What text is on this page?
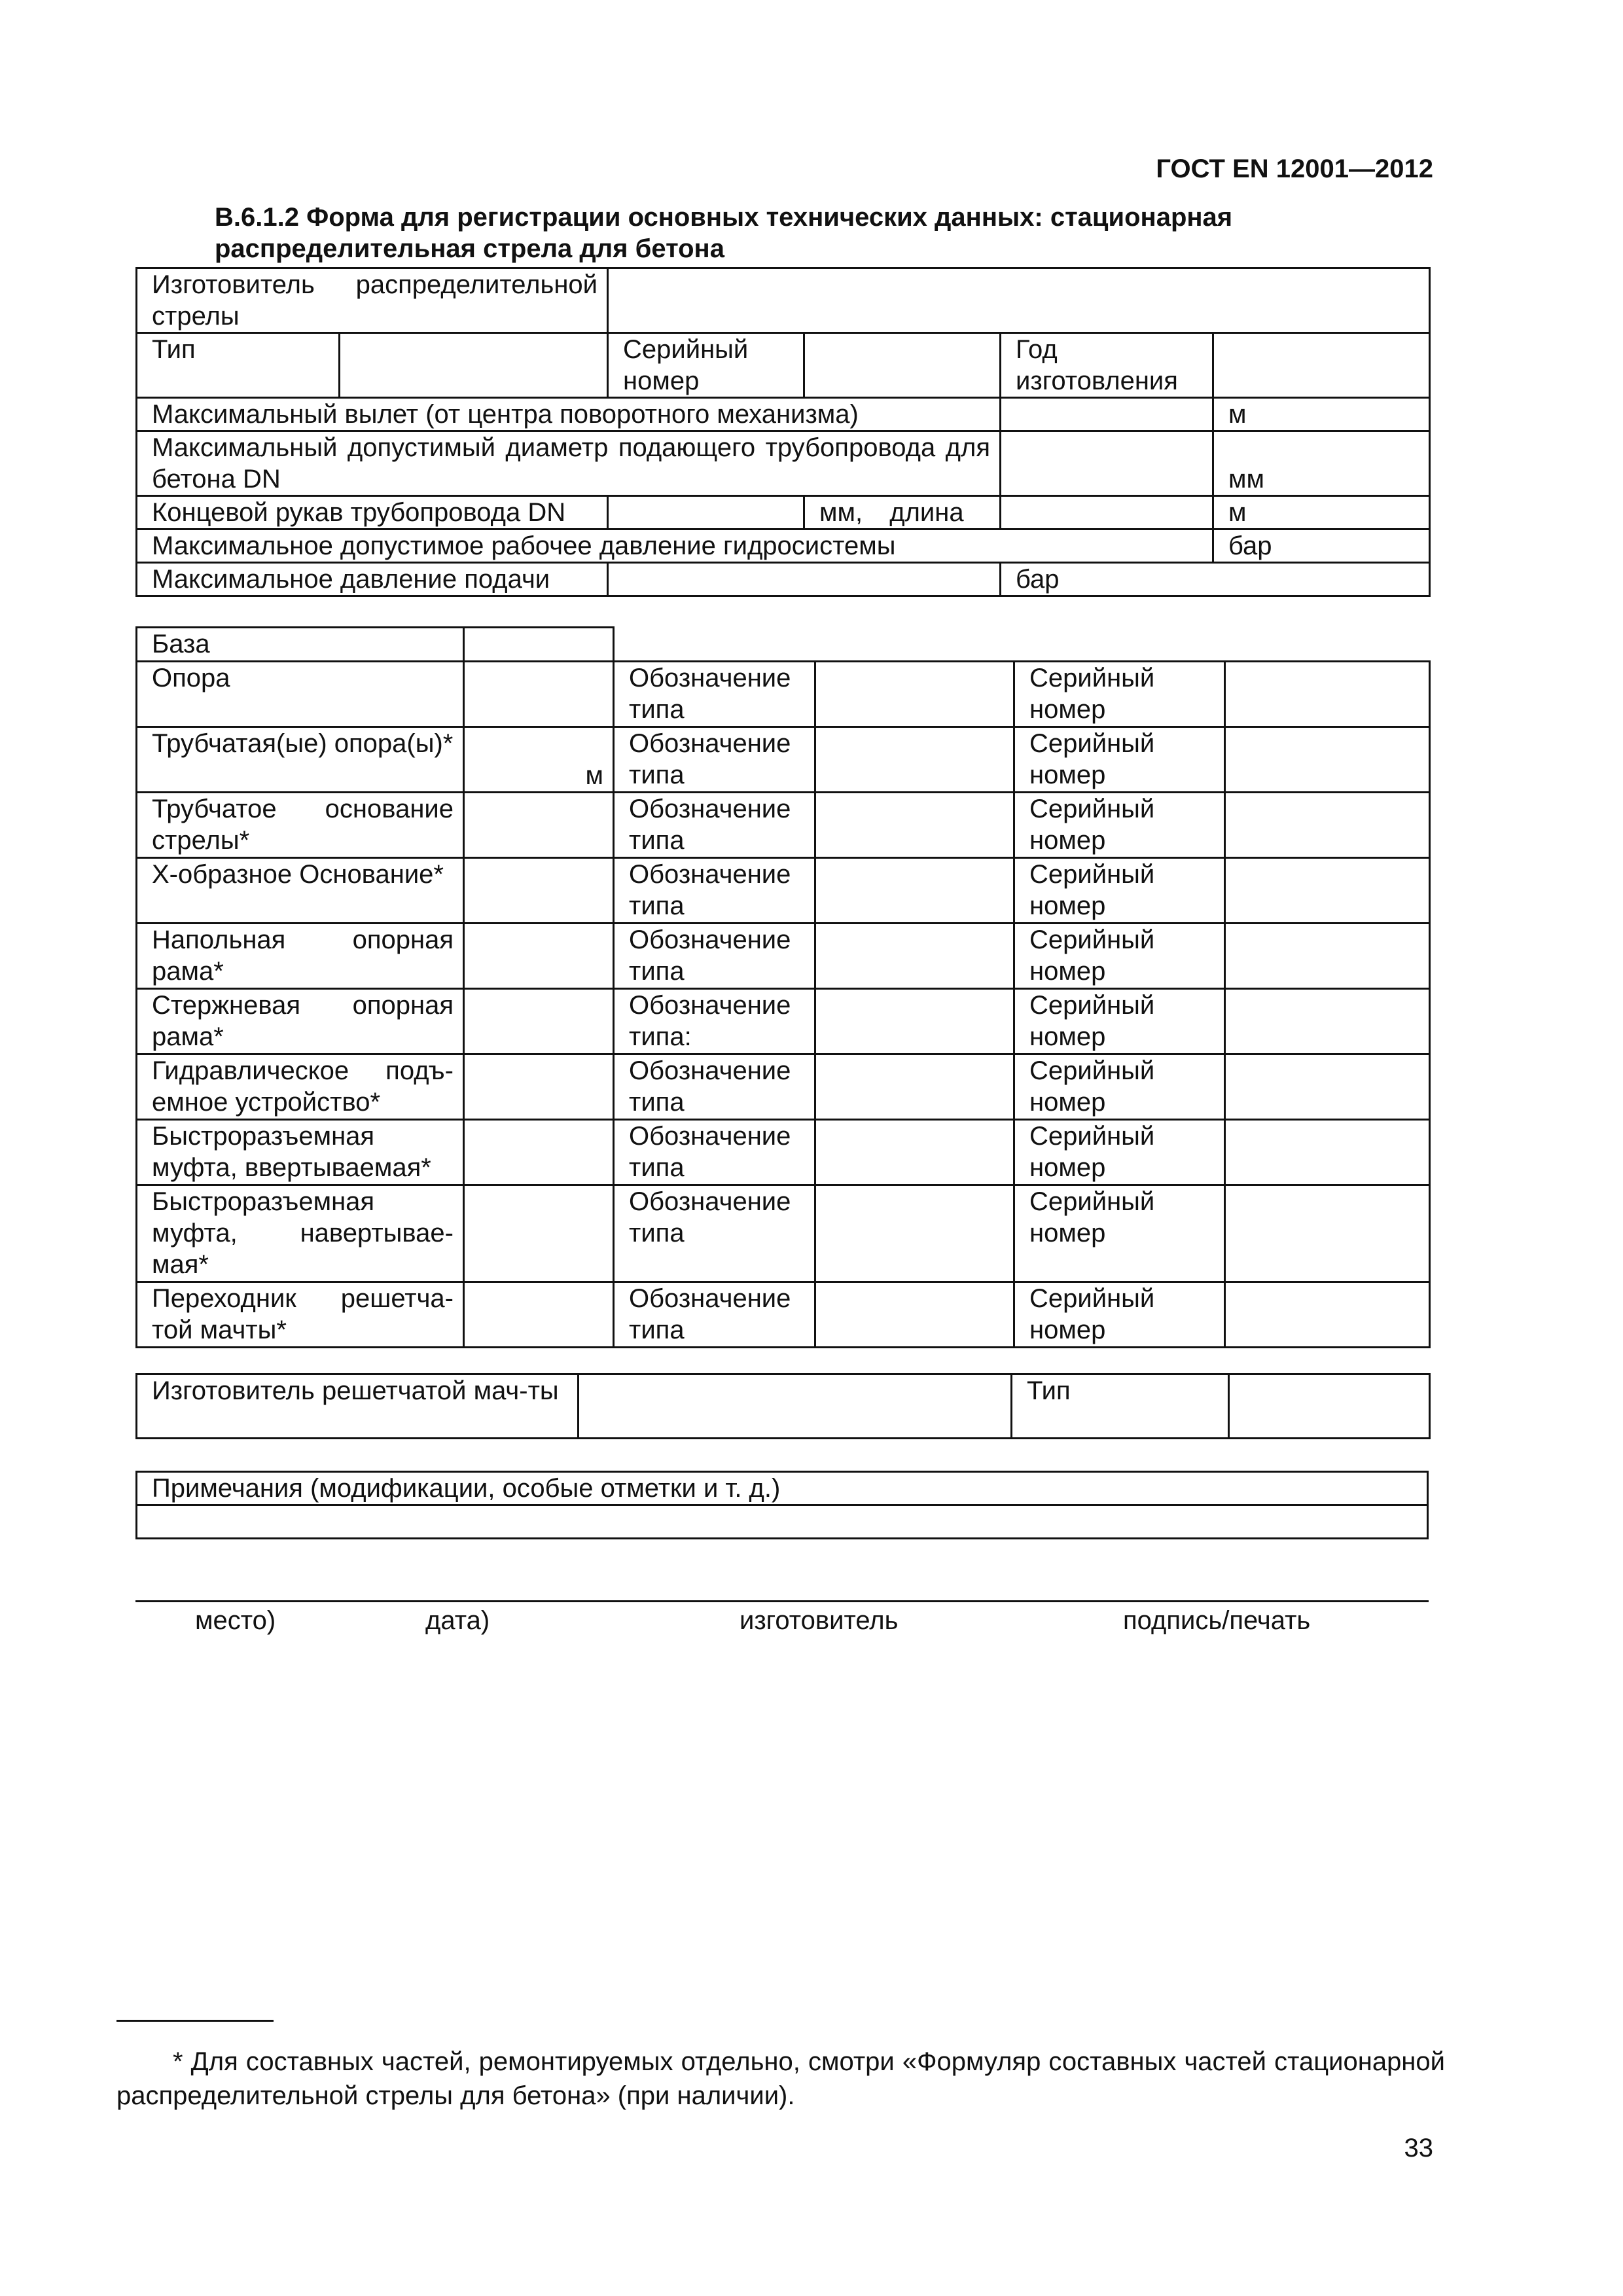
ГОСТ EN 12001—2012
В.6.1.2 Форма для регистрации основных технических данных: стационарная распределительная стрела для бетона
Изготовитель распределительной стрелы					
Тип		Серийный номер		Год изготовления	
Максимальный вылет (от центра поворотного механизма)					м
Максимальный допустимый диаметр подающего трубопровода для бетона DN					мм
Концевой рукав трубопровода DN			мм, длина		м
Максимальное допустимое рабочее давление гидросистемы					бар
Максимальное давление подачи				бар	
База					
Опора		Обозначение типа		Серийный номер	
Трубчатая(ые) опора(ы)*	м	Обозначение типа		Серийный номер	
Трубчатое основание стрелы*		Обозначение типа		Серийный номер	
Х-образное Основание*		Обозначение типа		Серийный номер	
Напольная опорная рама*		Обозначение типа		Серийный номер	
Стержневая опорная рама*		Обозначение типа:		Серийный номер	
Гидравлическое подъ-емное устройство*		Обозначение типа		Серийный номер	
Быстроразъемная муфта, ввертываемая*		Обозначение типа		Серийный номер	
Быстроразъемная муфта, навертывае-мая*		Обозначение типа		Серийный номер	
Переходник решетча-той мачты*		Обозначение типа		Серийный номер	
Изготовитель решетчатой мач-ты		Тип	
Примечания (модификации, особые отметки и т. д.)

место)	дата)	изготовитель	подпись/печать
* Для составных частей, ремонтируемых отдельно, смотри «Формуляр составных частей стационарной распределительной стрелы для бетона» (при наличии).
33
